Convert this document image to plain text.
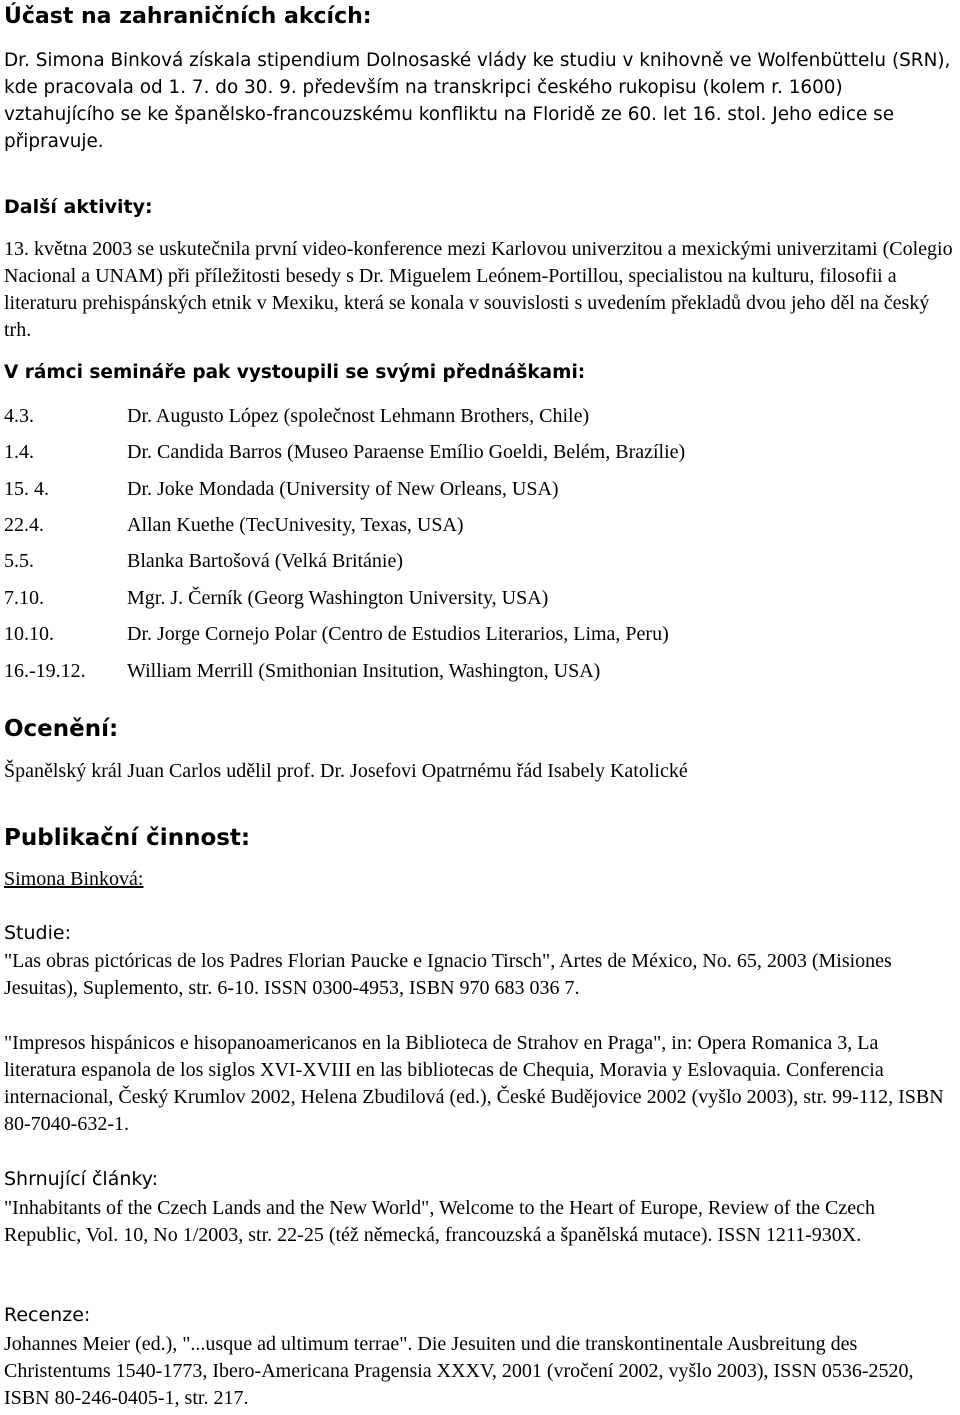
Účast na zahraničních akcích:

Dr. Simona Binková získala stipendium Dolnosaské vlády ke studiu v knihovně ve Wolfenbüttelu (SRN), kde pracovala od 1. 7. do 30. 9. především na transkripci českého rukopisu (kolem r. 1600) vztahujícího se ke španělsko-francouzskému konfliktu na Floridě ze 60. let 16. stol. Jeho edice se připravuje.

Další aktivity:

13. května 2003 se uskutečnila první video-konference mezi Karlovou univerzitou a mexickými univerzitami (Colegio Nacional a UNAM) při příležitosti besedy s Dr. Miguelem Leónem-Portillou, specialistou na kulturu, filosofii a literaturu prehispánských etnik v Mexiku, která se konala v souvislosti s uvedením překladů dvou jeho děl na český trh.

V rámci semináře pak vystoupili se svými přednáškami:

4.3.	Dr. Augusto López (společnost Lehmann Brothers, Chile)
1.4.	Dr. Candida Barros (Museo Paraense Emílio Goeldi, Belém, Brazílie)
15. 4.	Dr. Joke Mondada (University of New Orleans, USA)
22.4.	Allan Kuethe (TecUnivesity, Texas, USA)
5.5.	Blanka Bartošová (Velká Británie)
7.10.	Mgr. J. Černík (Georg Washington University, USA)
10.10.	Dr. Jorge Cornejo Polar (Centro de Estudios Literarios, Lima, Peru)
16.-19.12. William Merrill (Smithonian Insitution, Washington, USA)
Ocenění:

Španělský král Juan Carlos udělil prof. Dr. Josefovi Opatrnému řád Isabely Katolické

Publikační činnost:

Simona Binková:

Studie:

"Las obras pictóricas de los Padres Florian Paucke e Ignacio Tirsch", Artes de México, No. 65, 2003 (Misiones Jesuitas), Suplemento, str. 6-10. ISSN 0300-4953, ISBN 970 683 036 7.

"Impresos hispánicos e hisopanoamericanos en la Biblioteca de Strahov en Praga", in: Opera Romanica 3, La literatura espanola de los siglos XVI-XVIII en las bibliotecas de Chequia, Moravia y Eslovaquia. Conferencia internacional, Český Krumlov 2002, Helena Zbudilová (ed.), České Budějovice 2002 (vyšlo 2003), str. 99-112, ISBN 80-7040-632-1.

Shrnující články:

"Inhabitants of the Czech Lands and the New World", Welcome to the Heart of Europe, Review of the Czech Republic, Vol. 10, No 1/2003, str. 22-25 (též německá, francouzská a španělská mutace). ISSN 1211-930X.

Recenze:

Johannes Meier (ed.), "...usque ad ultimum terrae". Die Jesuiten und die transkontinentale Ausbreitung des Christentums 1540-1773, Ibero-Americana Pragensia XXXV, 2001 (vročení 2002, vyšlo 2003), ISSN 0536-2520, ISBN 80-246-0405-1, str. 217.
